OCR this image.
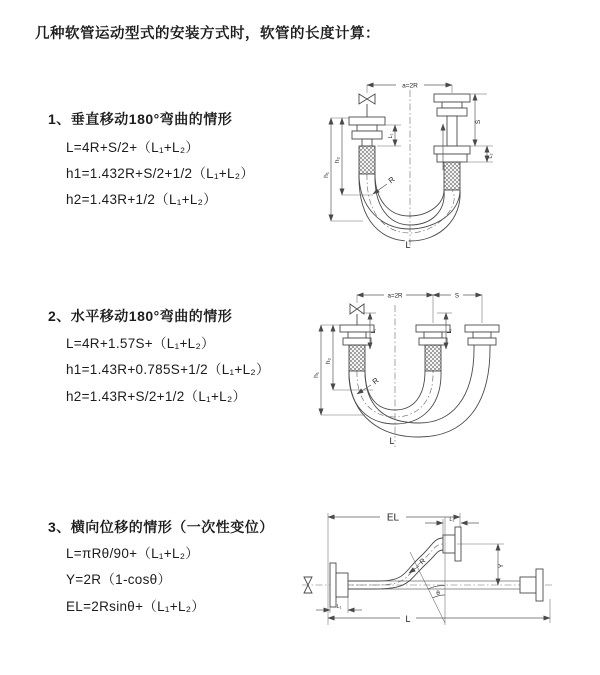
几种软管运动型式的安装方式时，软管的长度计算：
1、垂直移动180°弯曲的情形
L=4R+S/2+（L₁+L₂）
h1=1.432R+S/2+1/2（L₁+L₂）
h2=1.43R+1/2（L₁+L₂）
a=2R
h₁
h₂
L₁
S
L₂
R
L
2、水平移动180°弯曲的情形
L=4R+1.57S+（L₁+L₂）
h1=1.43R+0.785S+1/2（L₁+L₂）
h2=1.43R+S/2+1/2（L₁+L₂）
a=2R	S
L₁	L₂
h₁
h₂
R
L
3、横向位移的情形（一次性变位）
L=πRθ/90+（L₁+L₂）
Y=2R（1-cosθ）
EL=2Rsinθ+（L₁+L₂）
θ
R
EL	L₂
Y
L
L₁
